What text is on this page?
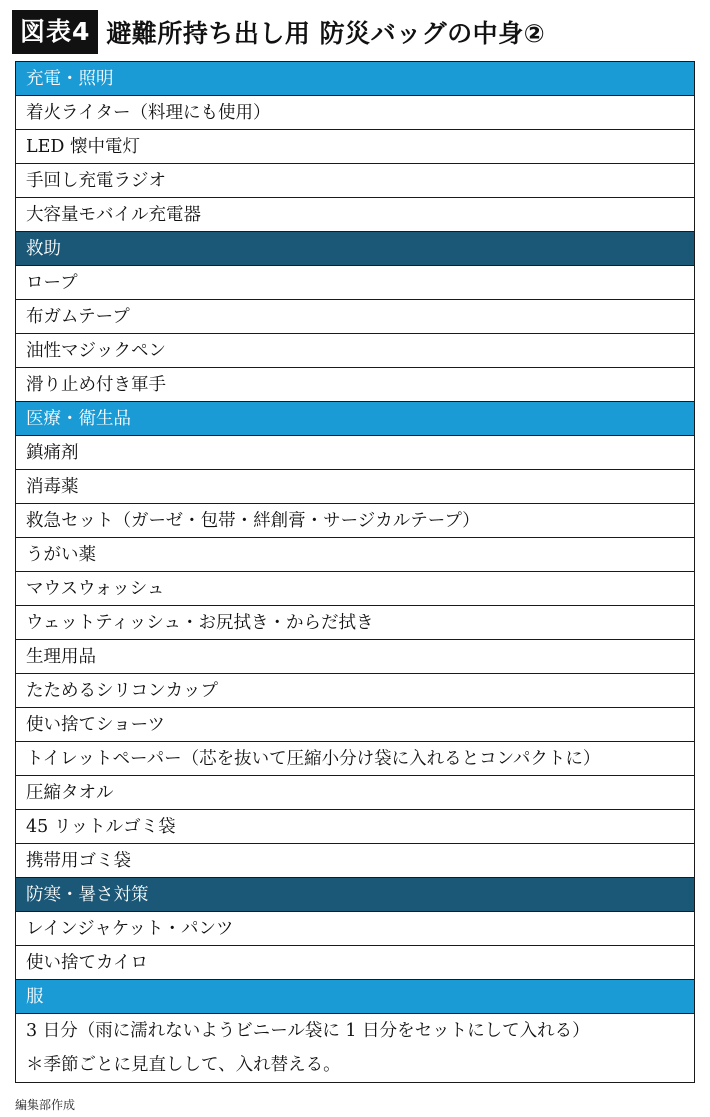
図表4 避難所持ち出し用 防災バッグの中身②
充電・照明
着火ライター（料理にも使用）
LED 懐中電灯
手回し充電ラジオ
大容量モバイル充電器
救助
ロープ
布ガムテープ
油性マジックペン
滑り止め付き軍手
医療・衛生品
鎮痛剤
消毒薬
救急セット（ガーゼ・包帯・絆創膏・サージカルテープ）
うがい薬
マウスウォッシュ
ウェットティッシュ・お尻拭き・からだ拭き
生理用品
たためるシリコンカップ
使い捨てショーツ
トイレットペーパー（芯を抜いて圧縮小分け袋に入れるとコンパクトに）
圧縮タオル
45 リットルゴミ袋
携帯用ゴミ袋
防寒・暑さ対策
レインジャケット・パンツ
使い捨てカイロ
服
3 日分（雨に濡れないようビニール袋に 1 日分をセットにして入れる）
＊季節ごとに見直しして、入れ替える。
編集部作成
